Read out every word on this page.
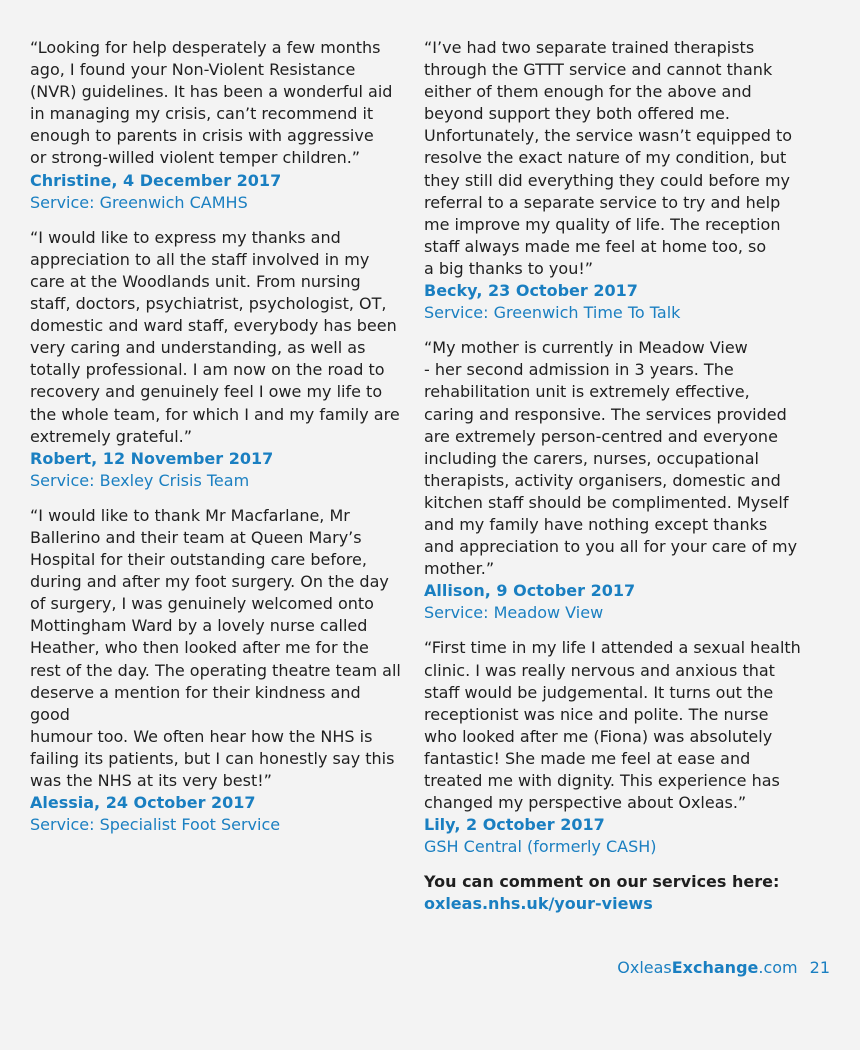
“Looking for help desperately a few months
ago, I found your Non-Violent Resistance
(NVR) guidelines. It has been a wonderful aid
in managing my crisis, can’t recommend it
enough to parents in crisis with aggressive
or strong-willed violent temper children.”

Christine, 4 December 2017

Service: Greenwich CAMHS

“I would like to express my thanks and
appreciation to all the staff involved in my
care at the Woodlands unit. From nursing
staff, doctors, psychiatrist, psychologist, OT,
domestic and ward staff, everybody has been
very caring and understanding, as well as
totally professional. I am now on the road to
recovery and genuinely feel I owe my life to
the whole team, for which I and my family are
extremely grateful.”

Robert, 12 November 2017

Service: Bexley Crisis Team

“I would like to thank Mr Macfarlane, Mr
Ballerino and their team at Queen Mary’s
Hospital for their outstanding care before,
during and after my foot surgery. On the day
of surgery, I was genuinely welcomed onto
Mottingham Ward by a lovely nurse called
Heather, who then looked after me for the
rest of the day. The operating theatre team all
deserve a mention for their kindness and good
humour too. We often hear how the NHS is
failing its patients, but I can honestly say this
was the NHS at its very best!”

Alessia, 24 October 2017

Service: Specialist Foot Service

“I’ve had two separate trained therapists
through the GTTT service and cannot thank
either of them enough for the above and
beyond support they both offered me.
Unfortunately, the service wasn’t equipped to
resolve the exact nature of my condition, but
they still did everything they could before my
referral to a separate service to try and help
me improve my quality of life. The reception
staff always made me feel at home too, so
a big thanks to you!”

Becky, 23 October 2017

Service: Greenwich Time To Talk

“My mother is currently in Meadow View
- her second admission in 3 years. The
rehabilitation unit is extremely effective,
caring and responsive. The services provided
are extremely person-centred and everyone
including the carers, nurses, occupational
therapists, activity organisers, domestic and
kitchen staff should be complimented. Myself
and my family have nothing except thanks
and appreciation to you all for your care of my
mother.”

Allison, 9 October 2017

Service: Meadow View

“First time in my life I attended a sexual health
clinic. I was really nervous and anxious that
staff would be judgemental. It turns out the
receptionist was nice and polite. The nurse
who looked after me (Fiona) was absolutely
fantastic! She made me feel at ease and
treated me with dignity. This experience has
changed my perspective about Oxleas.”

Lily, 2 October 2017

GSH Central (formerly CASH)

You can comment on our services here:

oxleas.nhs.uk/your-views
OxleasExchange.com 21
